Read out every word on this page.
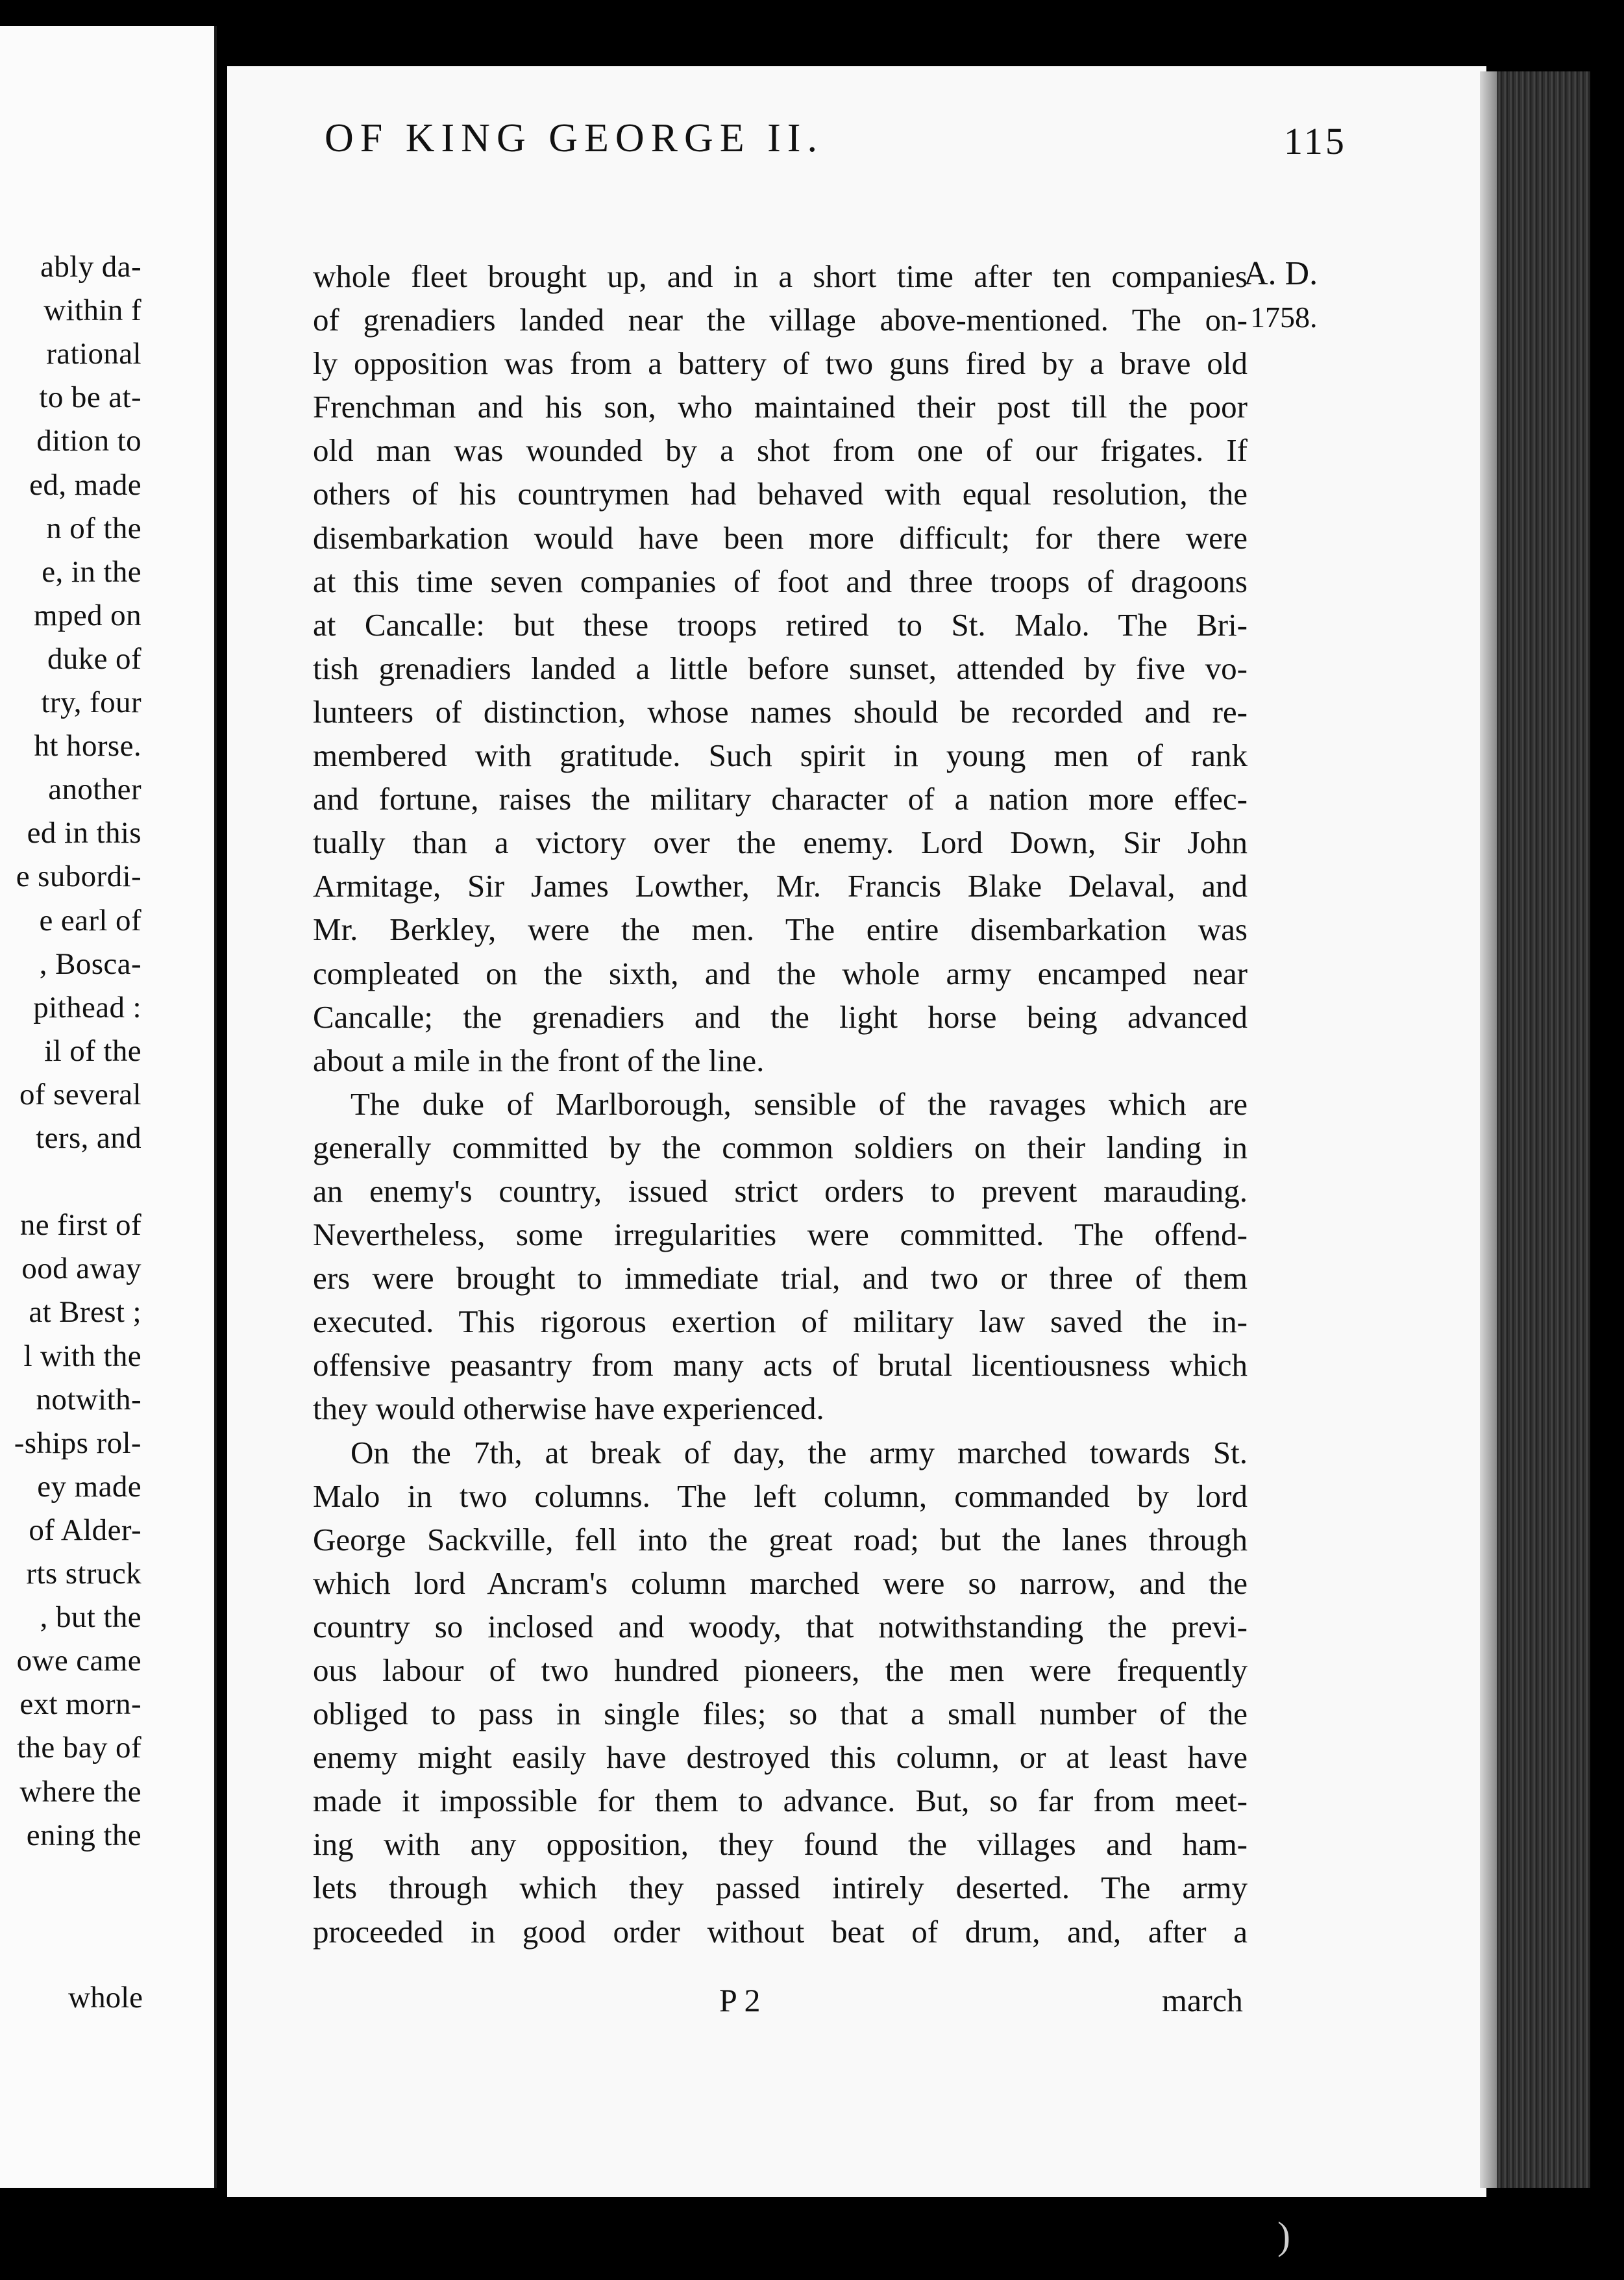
ably da-
within f
rational
to be at-
dition to
ed, made
n of the
e, in the
mped on
duke of
try, four
ht horse.
another
ed in this
e subordi-
e earl of
, Bosca-
pithead :
il of the
of several
ters, and
ne first of
ood away
at Brest ;
l with the
notwith-
-ships rol-
ey made
of Alder-
rts struck
, but the
owe came
ext morn-
the bay of
where the
ening the
whole
OF KING GEORGE II.	115
A. D.
1758.
whole fleet brought up, and in a short time after ten companies
of grenadiers landed near the village above-mentioned. The on-
ly opposition was from a battery of two guns fired by a brave old
Frenchman and his son, who maintained their post till the poor
old man was wounded by a shot from one of our frigates. If
others of his countrymen had behaved with equal resolution, the
disembarkation would have been more difficult; for there were
at this time seven companies of foot and three troops of dragoons
at Cancalle: but these troops retired to St. Malo. The Bri-
tish grenadiers landed a little before sunset, attended by five vo-
lunteers of distinction, whose names should be recorded and re-
membered with gratitude. Such spirit in young men of rank
and fortune, raises the military character of a nation more effec-
tually than a victory over the enemy. Lord Down, Sir John
Armitage, Sir James Lowther, Mr. Francis Blake Delaval, and
Mr. Berkley, were the men. The entire disembarkation was
compleated on the sixth, and the whole army encamped near
Cancalle; the grenadiers and the light horse being advanced
about a mile in the front of the line.
The duke of Marlborough, sensible of the ravages which are
generally committed by the common soldiers on their landing in
an enemy's country, issued strict orders to prevent marauding.
Nevertheless, some irregularities were committed. The offend-
ers were brought to immediate trial, and two or three of them
executed. This rigorous exertion of military law saved the in-
offensive peasantry from many acts of brutal licentiousness which
they would otherwise have experienced.
On the 7th, at break of day, the army marched towards St.
Malo in two columns. The left column, commanded by lord
George Sackville, fell into the great road; but the lanes through
which lord Ancram's column marched were so narrow, and the
country so inclosed and woody, that notwithstanding the previ-
ous labour of two hundred pioneers, the men were frequently
obliged to pass in single files; so that a small number of the
enemy might easily have destroyed this column, or at least have
made it impossible for them to advance. But, so far from meet-
ing with any opposition, they found the villages and ham-
lets through which they passed intirely deserted. The army
proceeded in good order without beat of drum, and, after a
P 2	march
)
